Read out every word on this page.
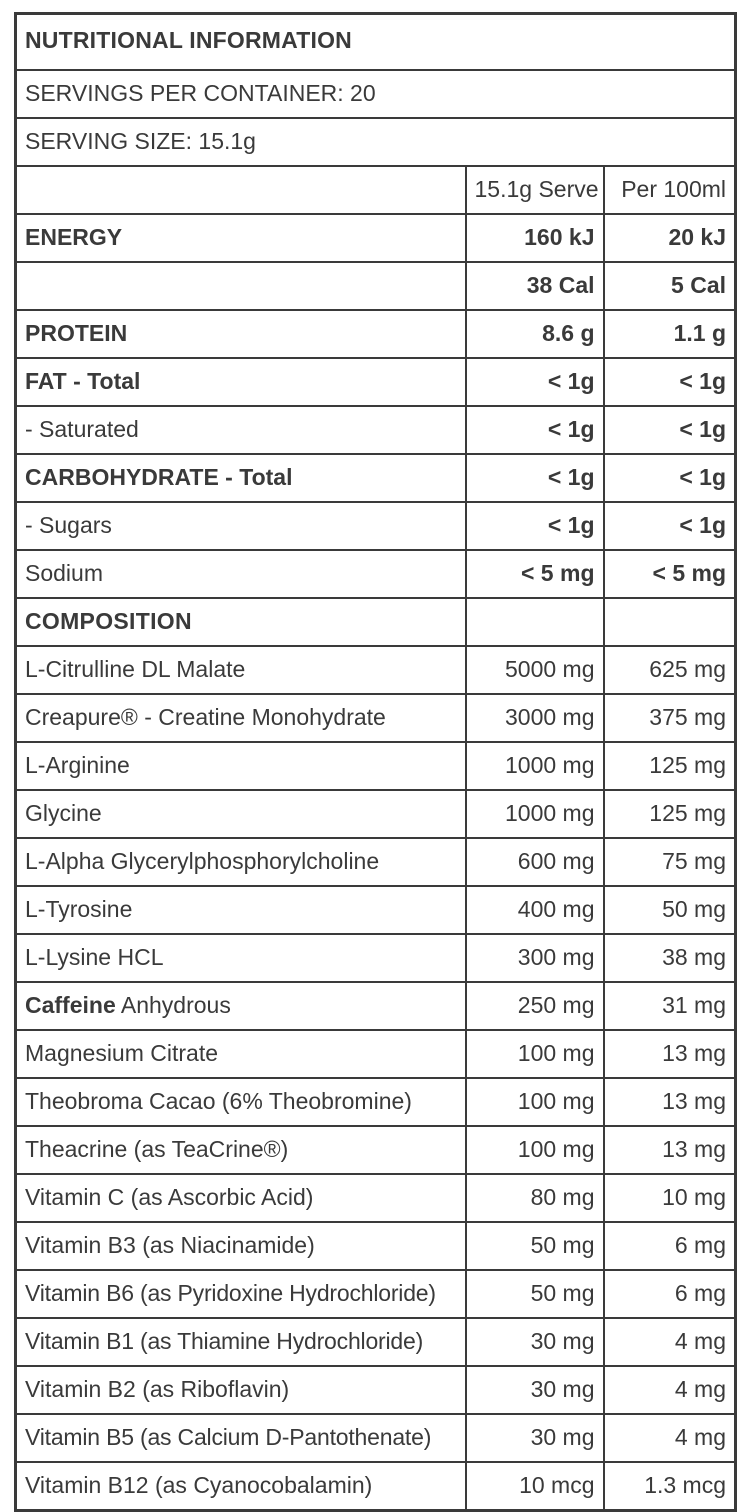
NUTRITIONAL INFORMATION		
SERVINGS PER CONTAINER: 20		
SERVING SIZE: 15.1g		
	15.1g Serve	Per 100ml
ENERGY	160 kJ	20 kJ
	38 Cal	5 Cal
PROTEIN	8.6 g	1.1 g
FAT - Total	< 1g	< 1g
- Saturated	< 1g	< 1g
CARBOHYDRATE - Total	< 1g	< 1g
- Sugars	< 1g	< 1g
Sodium	< 5 mg	< 5 mg
COMPOSITION		
L-Citrulline DL Malate	5000 mg	625 mg
Creapure® - Creatine Monohydrate	3000 mg	375 mg
L-Arginine	1000 mg	125 mg
Glycine	1000 mg	125 mg
L-Alpha Glycerylphosphorylcholine	600 mg	75 mg
L-Tyrosine	400 mg	50 mg
L-Lysine HCL	300 mg	38 mg
Caffeine Anhydrous	250 mg	31 mg
Magnesium Citrate	100 mg	13 mg
Theobroma Cacao (6% Theobromine)	100 mg	13 mg
Theacrine (as TeaCrine®)	100 mg	13 mg
Vitamin C (as Ascorbic Acid)	80 mg	10 mg
Vitamin B3 (as Niacinamide)	50 mg	6 mg
Vitamin B6 (as Pyridoxine Hydrochloride)	50 mg	6 mg
Vitamin B1 (as Thiamine Hydrochloride)	30 mg	4 mg
Vitamin B2 (as Riboflavin)	30 mg	4 mg
Vitamin B5 (as Calcium D-Pantothenate)	30 mg	4 mg
Vitamin B12 (as Cyanocobalamin)	10 mcg	1.3 mcg
